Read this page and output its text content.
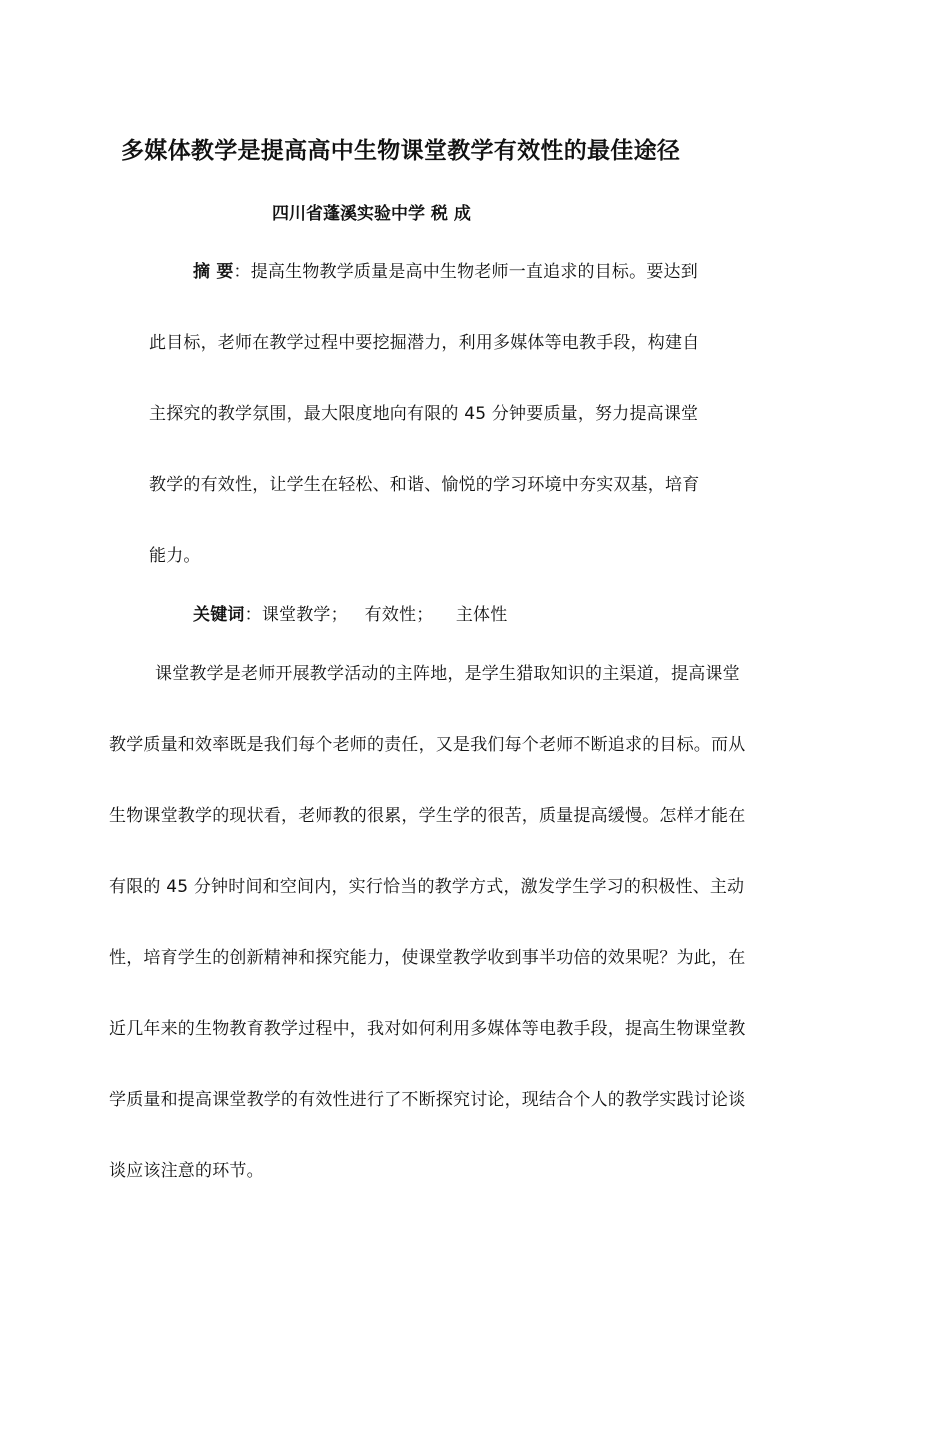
多媒体教学是提高高中生物课堂教学有效性的最佳途径
四川省蓬溪实验中学 税 成
摘 要：提高生物教学质量是高中生物老师一直追求的目标。要达到
此目标，老师在教学过程中要挖掘潜力，利用多媒体等电教手段，构建自
主探究的教学氛围，最大限度地向有限的 45 分钟要质量，努力提高课堂
教学的有效性，让学生在轻松、和谐、愉悦的学习环境中夯实双基，培育
能力。
关键词：课堂教学；   有效性；    主体性
课堂教学是老师开展教学活动的主阵地，是学生猎取知识的主渠道，提高课堂
教学质量和效率既是我们每个老师的责任，又是我们每个老师不断追求的目标。而从
生物课堂教学的现状看，老师教的很累，学生学的很苦，质量提高缓慢。怎样才能在
有限的 45 分钟时间和空间内，实行恰当的教学方式，激发学生学习的积极性、主动
性，培育学生的创新精神和探究能力，使课堂教学收到事半功倍的效果呢？为此，在
近几年来的生物教育教学过程中，我对如何利用多媒体等电教手段，提高生物课堂教
学质量和提高课堂教学的有效性进行了不断探究讨论，现结合个人的教学实践讨论谈
谈应该注意的环节。
